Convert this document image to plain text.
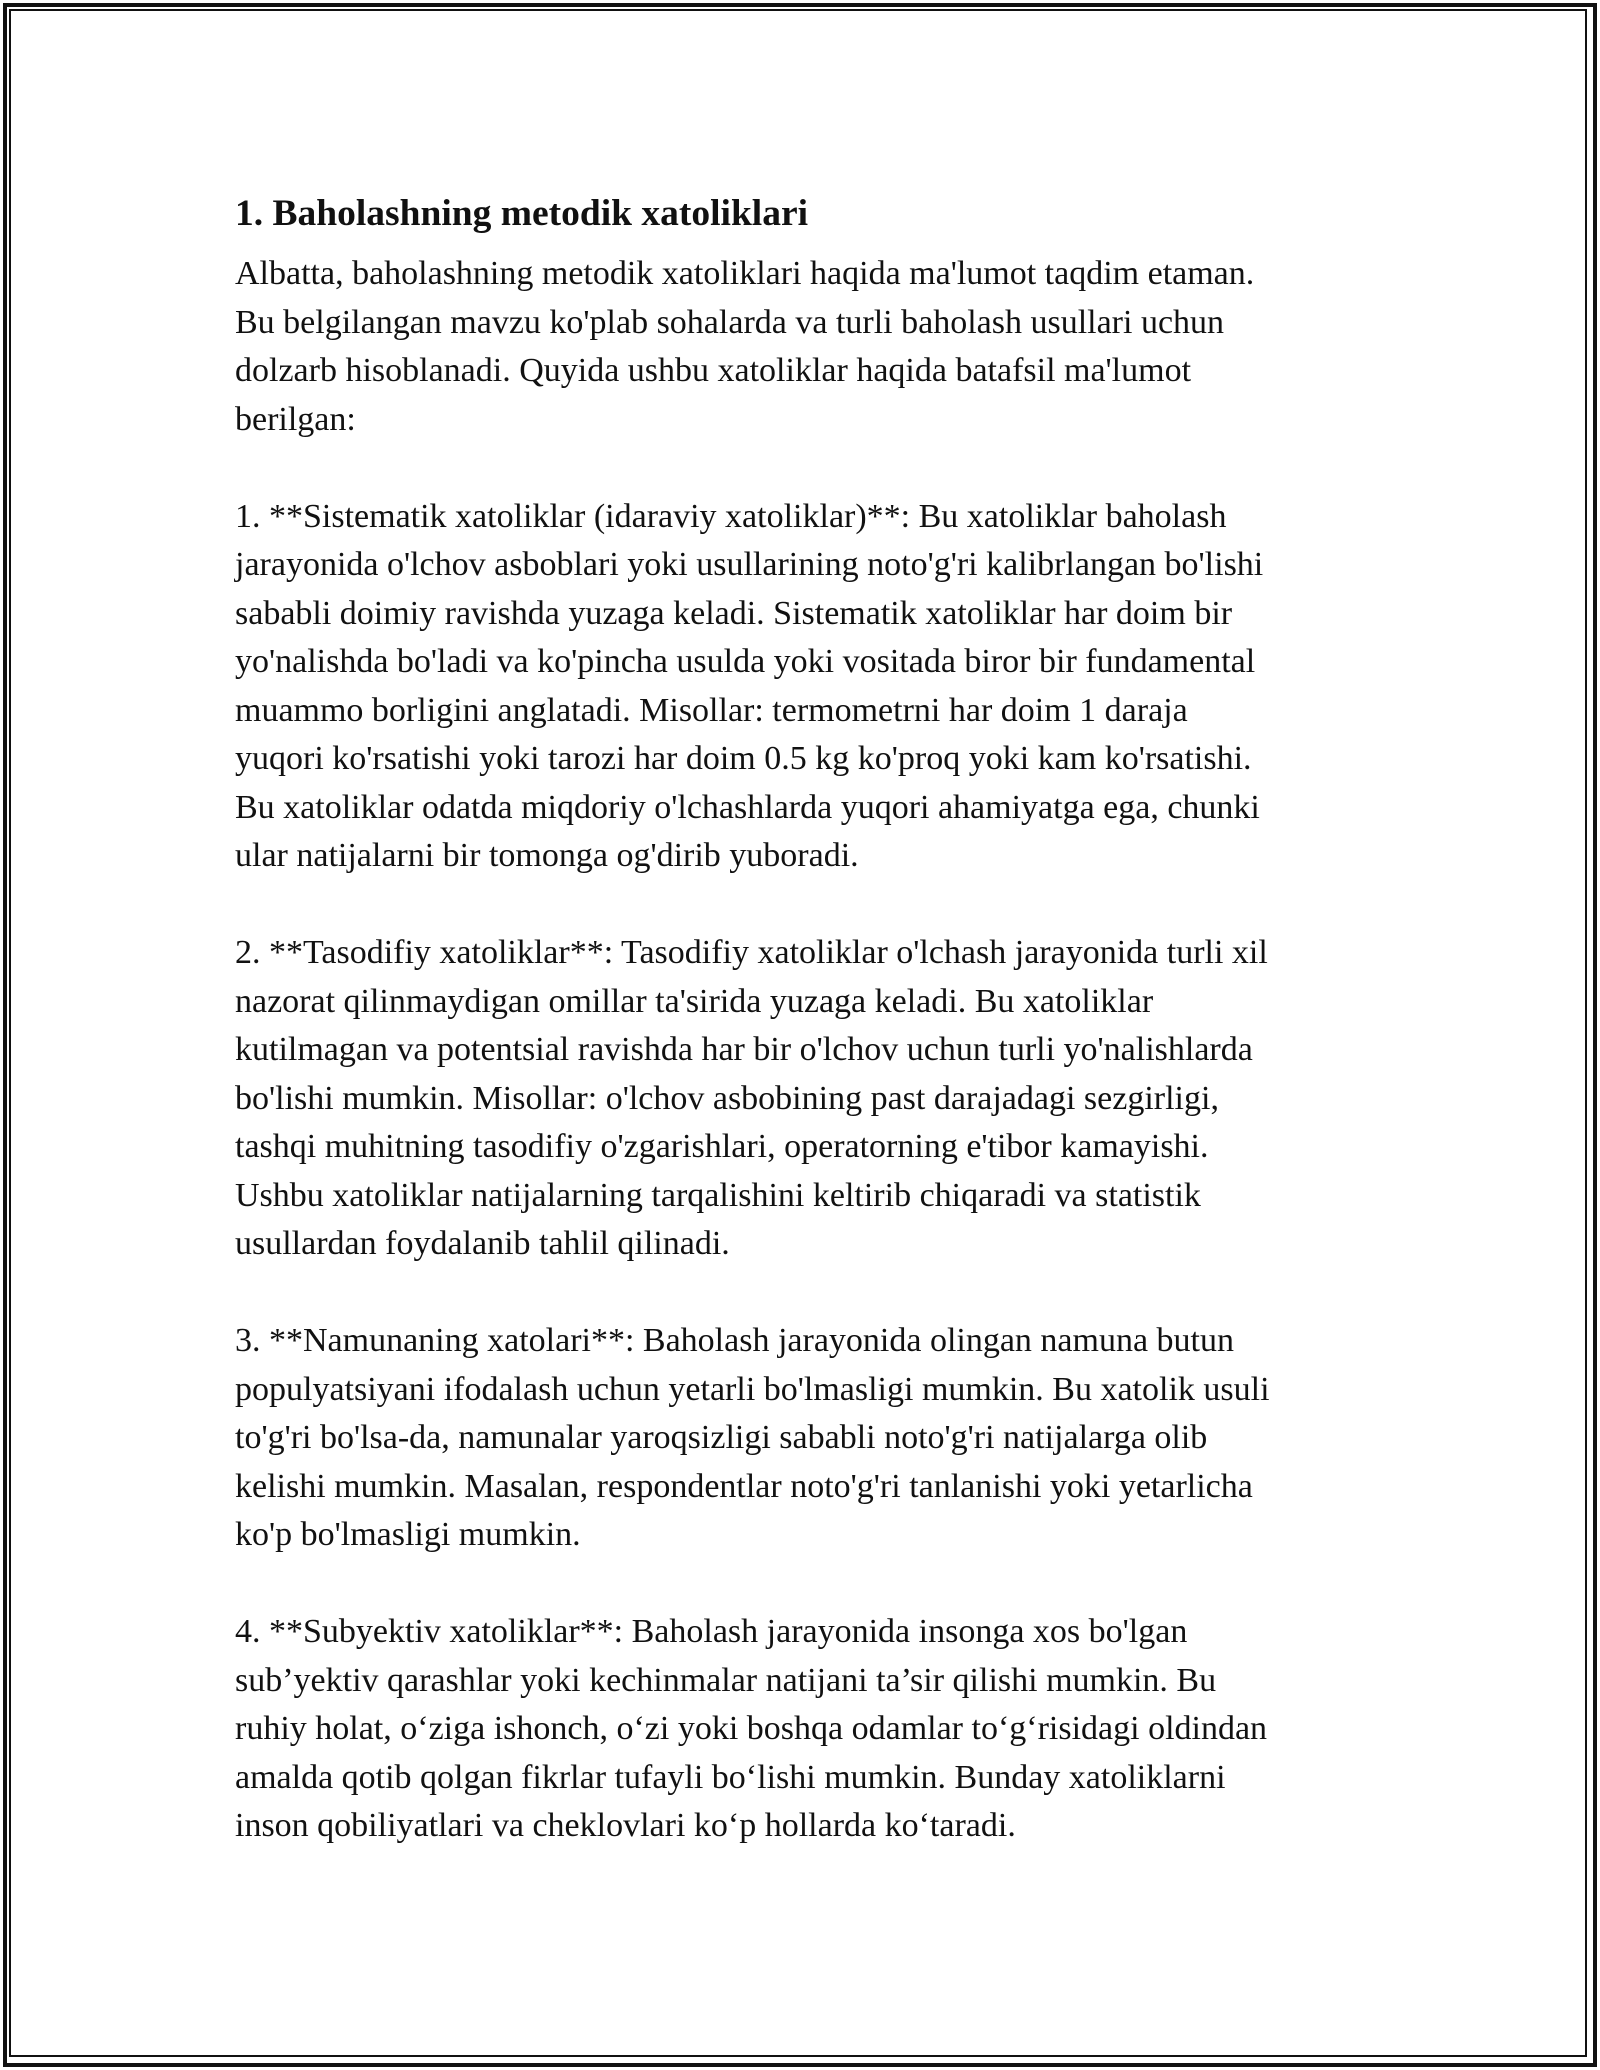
1. Baholashning metodik xatoliklari

Albatta, baholashning metodik xatoliklari haqida ma'lumot taqdim etaman.
Bu belgilangan mavzu ko'plab sohalarda va turli baholash usullari uchun
dolzarb hisoblanadi. Quyida ushbu xatoliklar haqida batafsil ma'lumot
berilgan:

1. **Sistematik xatoliklar (idaraviy xatoliklar)**: Bu xatoliklar baholash
jarayonida o'lchov asboblari yoki usullarining noto'g'ri kalibrlangan bo'lishi
sababli doimiy ravishda yuzaga keladi. Sistematik xatoliklar har doim bir
yo'nalishda bo'ladi va ko'pincha usulda yoki vositada biror bir fundamental
muammo borligini anglatadi. Misollar: termometrni har doim 1 daraja
yuqori ko'rsatishi yoki tarozi har doim 0.5 kg ko'proq yoki kam ko'rsatishi.
Bu xatoliklar odatda miqdoriy o'lchashlarda yuqori ahamiyatga ega, chunki
ular natijalarni bir tomonga og'dirib yuboradi.

2. **Tasodifiy xatoliklar**: Tasodifiy xatoliklar o'lchash jarayonida turli xil
nazorat qilinmaydigan omillar ta'sirida yuzaga keladi. Bu xatoliklar
kutilmagan va potentsial ravishda har bir o'lchov uchun turli yo'nalishlarda
bo'lishi mumkin. Misollar: o'lchov asbobining past darajadagi sezgirligi,
tashqi muhitning tasodifiy o'zgarishlari, operatorning e'tibor kamayishi.
Ushbu xatoliklar natijalarning tarqalishini keltirib chiqaradi va statistik
usullardan foydalanib tahlil qilinadi.

3. **Namunaning xatolari**: Baholash jarayonida olingan namuna butun
populyatsiyani ifodalash uchun yetarli bo'lmasligi mumkin. Bu xatolik usuli
to'g'ri bo'lsa-da, namunalar yaroqsizligi sababli noto'g'ri natijalarga olib
kelishi mumkin. Masalan, respondentlar noto'g'ri tanlanishi yoki yetarlicha
ko'p bo'lmasligi mumkin.

4. **Subyektiv xatoliklar**: Baholash jarayonida insonga xos bo'lgan
sub’yektiv qarashlar yoki kechinmalar natijani ta’sir qilishi mumkin. Bu
ruhiy holat, o‘ziga ishonch, o‘zi yoki boshqa odamlar to‘g‘risidagi oldindan
amalda qotib qolgan fikrlar tufayli bo‘lishi mumkin. Bunday xatoliklarni
inson qobiliyatlari va cheklovlari ko‘p hollarda ko‘taradi.
